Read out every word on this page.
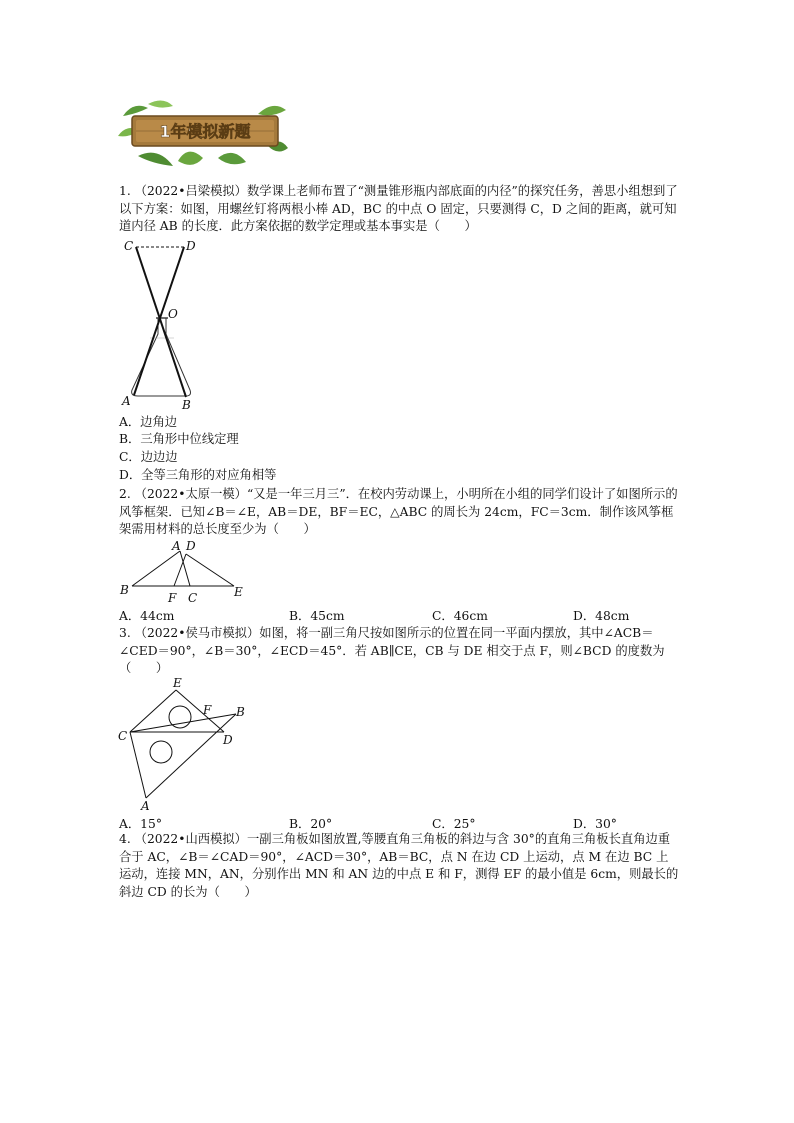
1年模拟新题
1. （2022•吕梁模拟）数学课上老师布置了“测量锥形瓶内部底面的内径”的探究任务，善思小组想到了以下方案：如图，用螺丝钉将两根小棒 AD，BC 的中点 O 固定，只要测得 C，D 之间的距离，就可知道内径 AB 的长度．此方案依据的数学定理或基本事实是（　　）
C	D
O
A	B
A．边角边
B．三角形中位线定理
C．边边边
D．全等三角形的对应角相等
2. （2022•太原一模）“又是一年三月三”．在校内劳动课上，小明所在小组的同学们设计了如图所示的风筝框架．已知∠B＝∠E，AB＝DE，BF＝EC，△ABC 的周长为 24cm，FC＝3cm．制作该风筝框架需用材料的总长度至少为（　　）
A D
B
F C	E
A．44cm	B．45cm	C．46cm	D．48cm
3. （2022•侯马市模拟）如图，将一副三角尺按如图所示的位置在同一平面内摆放，其中∠ACB＝∠CED＝90°，∠B＝30°，∠ECD＝45°．若 AB∥CE，CB 与 DE 相交于点 F，则∠BCD 的度数为（　　）
E
F B
C	D
A
A．15°	B．20°	C．25°	D．30°
4. （2022•山西模拟）一副三角板如图放置,等腰直角三角板的斜边与含 30°的直角三角板长直角边重合于 AC，∠B＝∠CAD＝90°，∠ACD＝30°，AB＝BC，点 N 在边 CD 上运动，点 M 在边 BC 上运动，连接 MN，AN，分别作出 MN 和 AN 边的中点 E 和 F，测得 EF 的最小值是 6cm，则最长的斜边 CD 的长为（　　）
